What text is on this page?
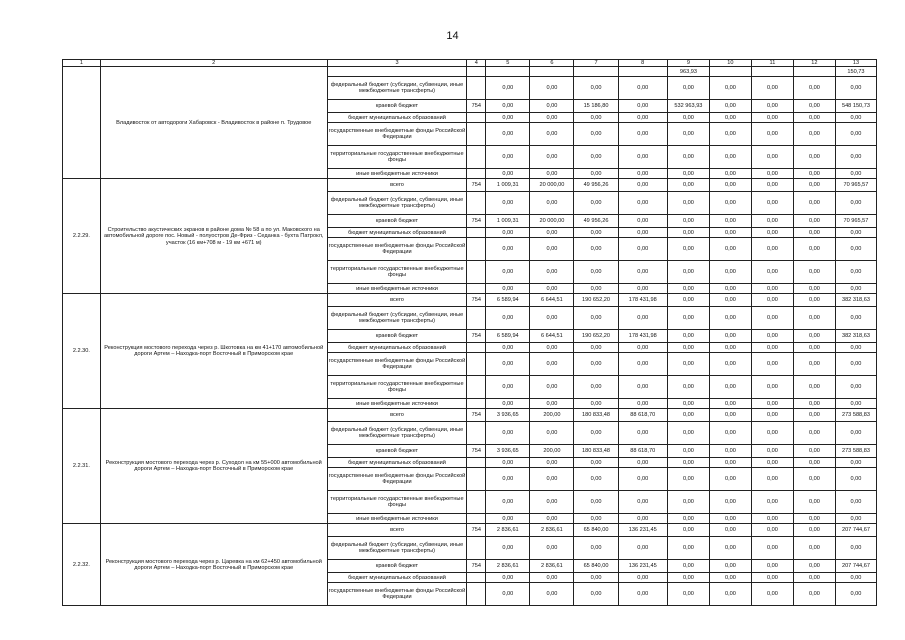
14
1	2	3	4	5	6	7	8	9	10	11	12	13
	Владивосток от автодороги Хабаровск - Владивосток в районе п. Трудовое							963,93				150,73
		федеральный бюджет (субсидии, субвенции, иные межбюджетные трансферты)		0,00	0,00	0,00	0,00	0,00	0,00	0,00	0,00	0,00
		краевой бюджет	754	0,00	0,00	15 186,80	0,00	532 963,93	0,00	0,00	0,00	548 150,73
		бюджет муниципальных образований		0,00	0,00	0,00	0,00	0,00	0,00	0,00	0,00	0,00
		государственные внебюджетные фонды Российской Федерации		0,00	0,00	0,00	0,00	0,00	0,00	0,00	0,00	0,00
		территориальные государственные внебюджетные фонды		0,00	0,00	0,00	0,00	0,00	0,00	0,00	0,00	0,00
		иные внебюджетные источники		0,00	0,00	0,00	0,00	0,00	0,00	0,00	0,00	0,00
2.2.29.	Строительство акустических экранов в районе дома № 58 а по ул. Маковского на автомобильной дороге пос. Новый - полуостров Де-Фриз - Седанка - бухта Патрокл, участок (16 км+708 м - 19 км +671 м)	всего	754	1 009,31	20 000,00	49 956,26	0,00	0,00	0,00	0,00	0,00	70 965,57
		федеральный бюджет (субсидии, субвенции, иные межбюджетные трансферты)		0,00	0,00	0,00	0,00	0,00	0,00	0,00	0,00	0,00
		краевой бюджет	754	1 009,31	20 000,00	49 956,26	0,00	0,00	0,00	0,00	0,00	70 965,57
		бюджет муниципальных образований		0,00	0,00	0,00	0,00	0,00	0,00	0,00	0,00	0,00
		государственные внебюджетные фонды Российской Федерации		0,00	0,00	0,00	0,00	0,00	0,00	0,00	0,00	0,00
		территориальные государственные внебюджетные фонды		0,00	0,00	0,00	0,00	0,00	0,00	0,00	0,00	0,00
		иные внебюджетные источники		0,00	0,00	0,00	0,00	0,00	0,00	0,00	0,00	0,00
2.2.30.	Реконструкция мостового перехода через р. Шкотовка на км 41+170 автомобильной дороги Артем – Находка-порт Восточный в Приморском крае	всего	754	6 589,94	6 644,51	190 652,20	178 431,98	0,00	0,00	0,00	0,00	382 318,63
		федеральный бюджет (субсидии, субвенции, иные межбюджетные трансферты)		0,00	0,00	0,00	0,00	0,00	0,00	0,00	0,00	0,00
		краевой бюджет	754	6 589,94	6 644,51	190 652,20	178 431,98	0,00	0,00	0,00	0,00	382 318,63
		бюджет муниципальных образований		0,00	0,00	0,00	0,00	0,00	0,00	0,00	0,00	0,00
		государственные внебюджетные фонды Российской Федерации		0,00	0,00	0,00	0,00	0,00	0,00	0,00	0,00	0,00
		территориальные государственные внебюджетные фонды		0,00	0,00	0,00	0,00	0,00	0,00	0,00	0,00	0,00
		иные внебюджетные источники		0,00	0,00	0,00	0,00	0,00	0,00	0,00	0,00	0,00
2.2.31.	Реконструкция мостового перехода через р. Суходол на км 55+000 автомобильной дороги Артем – Находка-порт Восточный в Приморском крае	всего	754	3 936,65	200,00	180 833,48	88 618,70	0,00	0,00	0,00	0,00	273 588,83
		федеральный бюджет (субсидии, субвенции, иные межбюджетные трансферты)		0,00	0,00	0,00	0,00	0,00	0,00	0,00	0,00	0,00
		краевой бюджет	754	3 936,65	200,00	180 833,48	88 618,70	0,00	0,00	0,00	0,00	273 588,83
		бюджет муниципальных образований		0,00	0,00	0,00	0,00	0,00	0,00	0,00	0,00	0,00
		государственные внебюджетные фонды Российской Федерации		0,00	0,00	0,00	0,00	0,00	0,00	0,00	0,00	0,00
		территориальные государственные внебюджетные фонды		0,00	0,00	0,00	0,00	0,00	0,00	0,00	0,00	0,00
		иные внебюджетные источники		0,00	0,00	0,00	0,00	0,00	0,00	0,00	0,00	0,00
2.2.32.	Реконструкция мостового перехода через р. Царевка на км 62+450 автомобильной дороги Артем – Находка-порт Восточный в Приморском крае	всего	754	2 836,61	2 836,61	65 840,00	136 231,45	0,00	0,00	0,00	0,00	207 744,67
		федеральный бюджет (субсидии, субвенции, иные межбюджетные трансферты)		0,00	0,00	0,00	0,00	0,00	0,00	0,00	0,00	0,00
		краевой бюджет	754	2 836,61	2 836,61	65 840,00	136 231,45	0,00	0,00	0,00	0,00	207 744,67
		бюджет муниципальных образований		0,00	0,00	0,00	0,00	0,00	0,00	0,00	0,00	0,00
		государственные внебюджетные фонды Российской Федерации		0,00	0,00	0,00	0,00	0,00	0,00	0,00	0,00	0,00
